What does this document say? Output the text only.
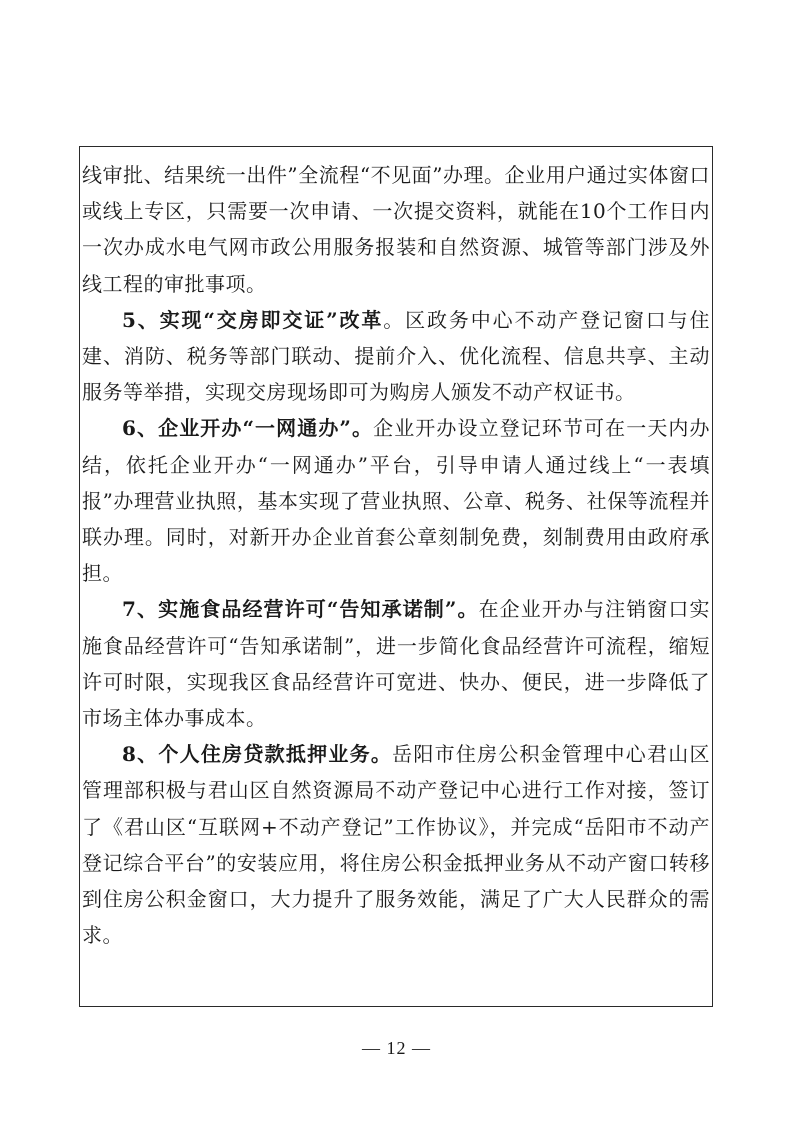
线审批、结果统一出件”全流程“不见面”办理。企业用户通过实体窗口或线上专区，只需要一次申请、一次提交资料，就能在10个工作日内一次办成水电气网市政公用服务报装和自然资源、城管等部门涉及外线工程的审批事项。

5、实现“交房即交证”改革。区政务中心不动产登记窗口与住建、消防、税务等部门联动、提前介入、优化流程、信息共享、主动服务等举措，实现交房现场即可为购房人颁发不动产权证书。

6、企业开办“一网通办”。企业开办设立登记环节可在一天内办结，依托企业开办“一网通办”平台，引导申请人通过线上“一表填报”办理营业执照，基本实现了营业执照、公章、税务、社保等流程并联办理。同时，对新开办企业首套公章刻制免费，刻制费用由政府承担。

7、实施食品经营许可“告知承诺制”。在企业开办与注销窗口实施食品经营许可“告知承诺制”，进一步简化食品经营许可流程，缩短许可时限，实现我区食品经营许可宽进、快办、便民，进一步降低了市场主体办事成本。

8、个人住房贷款抵押业务。岳阳市住房公积金管理中心君山区管理部积极与君山区自然资源局不动产登记中心进行工作对接，签订了《君山区“互联网+不动产登记”工作协议》，并完成“岳阳市不动产登记综合平台”的安装应用，将住房公积金抵押业务从不动产窗口转移到住房公积金窗口，大力提升了服务效能，满足了广大人民群众的需求。

— 12 —
